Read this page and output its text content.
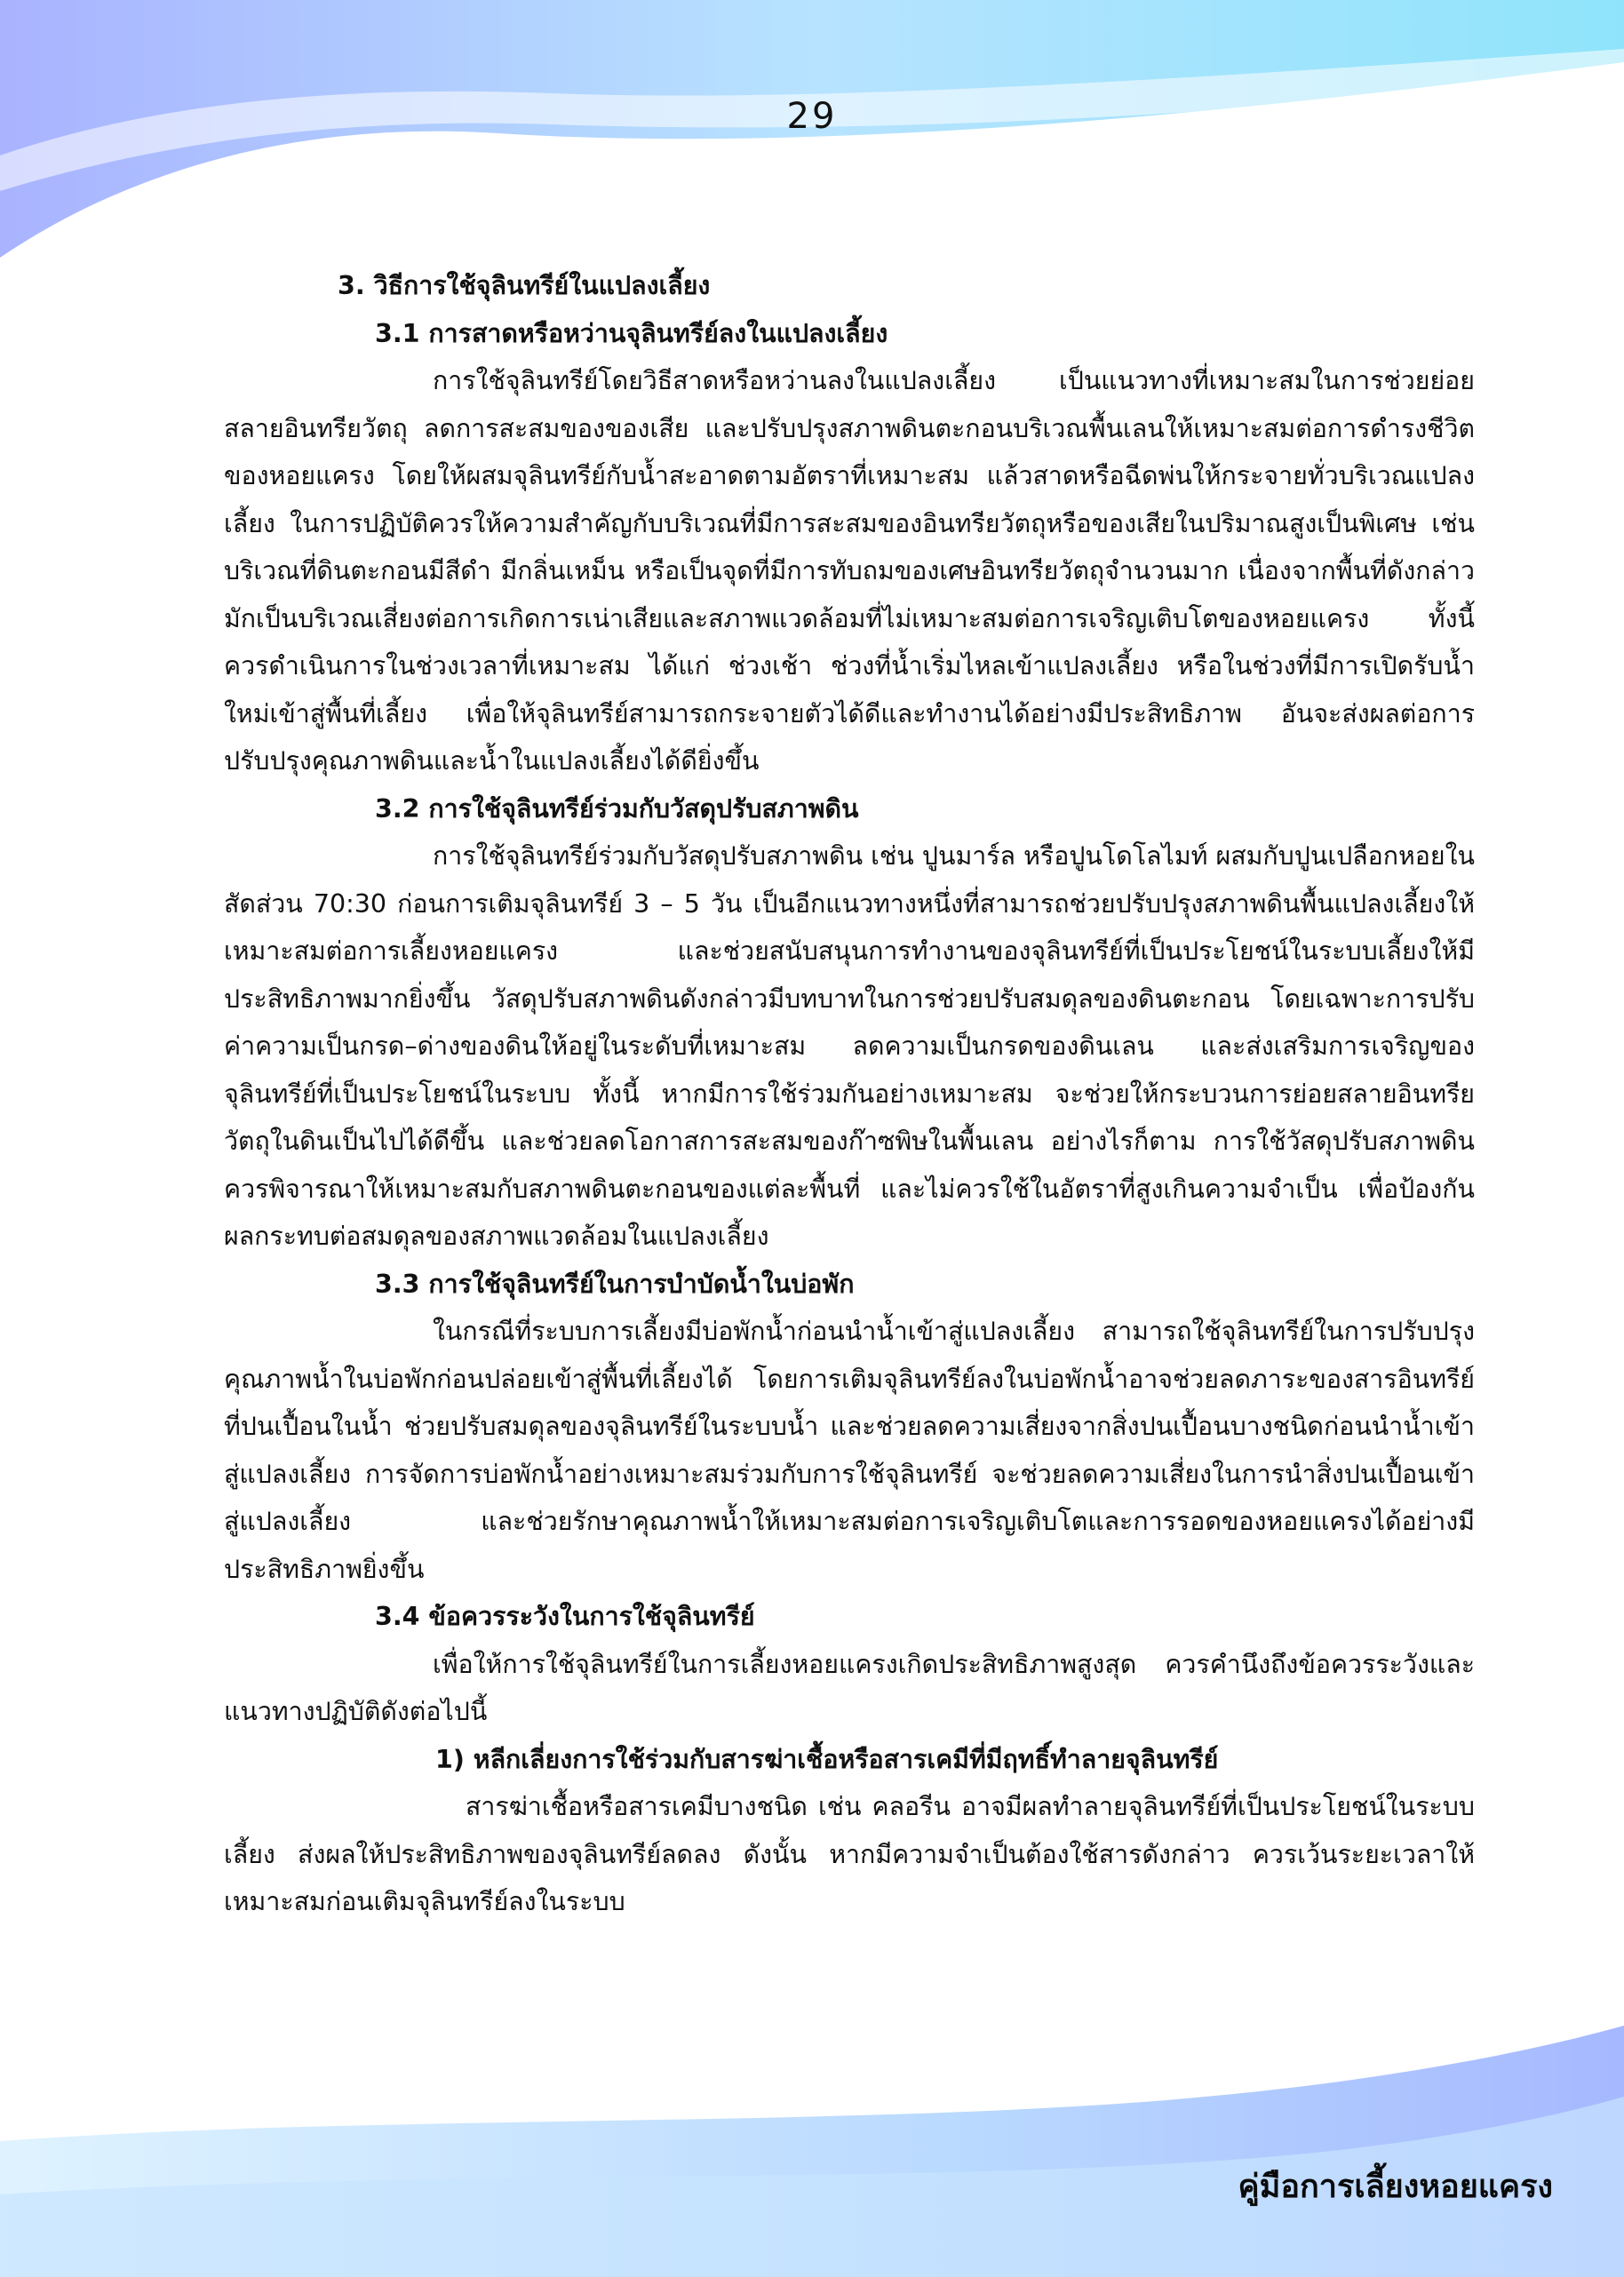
29

3. วิธีการใช้จุลินทรีย์ในแปลงเลี้ยง

3.1 การสาดหรือหว่านจุลินทรีย์ลงในแปลงเลี้ยง

การใช้จุลินทรีย์โดยวิธีสาดหรือหว่านลงในแปลงเลี้ยง เป็นแนวทางที่เหมาะสมในการช่วยย่อยสลายอินทรียวัตถุ ลดการสะสมของของเสีย และปรับปรุงสภาพดินตะกอนบริเวณพื้นเลนให้เหมาะสมต่อการดำรงชีวิตของหอยแครง โดยให้ผสมจุลินทรีย์กับน้ำสะอาดตามอัตราที่เหมาะสม แล้วสาดหรือฉีดพ่นให้กระจายทั่วบริเวณแปลงเลี้ยง ในการปฏิบัติควรให้ความสำคัญกับบริเวณที่มีการสะสมของอินทรียวัตถุหรือของเสียในปริมาณสูงเป็นพิเศษ เช่น บริเวณที่ดินตะกอนมีสีดำ มีกลิ่นเหม็น หรือเป็นจุดที่มีการทับถมของเศษอินทรียวัตถุจำนวนมาก เนื่องจากพื้นที่ดังกล่าวมักเป็นบริเวณเสี่ยงต่อการเกิดการเน่าเสียและสภาพแวดล้อมที่ไม่เหมาะสมต่อการเจริญเติบโตของหอยแครง ทั้งนี้ ควรดำเนินการในช่วงเวลาที่เหมาะสม ได้แก่ ช่วงเช้า ช่วงที่น้ำเริ่มไหลเข้าแปลงเลี้ยง หรือในช่วงที่มีการเปิดรับน้ำใหม่เข้าสู่พื้นที่เลี้ยง เพื่อให้จุลินทรีย์สามารถกระจายตัวได้ดีและทำงานได้อย่างมีประสิทธิภาพ อันจะส่งผลต่อการปรับปรุงคุณภาพดินและน้ำในแปลงเลี้ยงได้ดียิ่งขึ้น

3.2 การใช้จุลินทรีย์ร่วมกับวัสดุปรับสภาพดิน

การใช้จุลินทรีย์ร่วมกับวัสดุปรับสภาพดิน เช่น ปูนมาร์ล หรือปูนโดโลไมท์ ผสมกับปูนเปลือกหอยในสัดส่วน 70:30 ก่อนการเติมจุลินทรีย์ 3 – 5 วัน เป็นอีกแนวทางหนึ่งที่สามารถช่วยปรับปรุงสภาพดินพื้นแปลงเลี้ยงให้เหมาะสมต่อการเลี้ยงหอยแครง และช่วยสนับสนุนการทำงานของจุลินทรีย์ที่เป็นประโยชน์ในระบบเลี้ยงให้มีประสิทธิภาพมากยิ่งขึ้น วัสดุปรับสภาพดินดังกล่าวมีบทบาทในการช่วยปรับสมดุลของดินตะกอน โดยเฉพาะการปรับค่าความเป็นกรด–ด่างของดินให้อยู่ในระดับที่เหมาะสม ลดความเป็นกรดของดินเลน และส่งเสริมการเจริญของจุลินทรีย์ที่เป็นประโยชน์ในระบบ ทั้งนี้ หากมีการใช้ร่วมกันอย่างเหมาะสม จะช่วยให้กระบวนการย่อยสลายอินทรียวัตถุในดินเป็นไปได้ดีขึ้น และช่วยลดโอกาสการสะสมของก๊าซพิษในพื้นเลน อย่างไรก็ตาม การใช้วัสดุปรับสภาพดินควรพิจารณาให้เหมาะสมกับสภาพดินตะกอนของแต่ละพื้นที่ และไม่ควรใช้ในอัตราที่สูงเกินความจำเป็น เพื่อป้องกันผลกระทบต่อสมดุลของสภาพแวดล้อมในแปลงเลี้ยง

3.3 การใช้จุลินทรีย์ในการบำบัดน้ำในบ่อพัก

ในกรณีที่ระบบการเลี้ยงมีบ่อพักน้ำก่อนนำน้ำเข้าสู่แปลงเลี้ยง สามารถใช้จุลินทรีย์ในการปรับปรุงคุณภาพน้ำในบ่อพักก่อนปล่อยเข้าสู่พื้นที่เลี้ยงได้ โดยการเติมจุลินทรีย์ลงในบ่อพักน้ำอาจช่วยลดภาระของสารอินทรีย์ที่ปนเปื้อนในน้ำ ช่วยปรับสมดุลของจุลินทรีย์ในระบบน้ำ และช่วยลดความเสี่ยงจากสิ่งปนเปื้อนบางชนิดก่อนนำน้ำเข้าสู่แปลงเลี้ยง การจัดการบ่อพักน้ำอย่างเหมาะสมร่วมกับการใช้จุลินทรีย์ จะช่วยลดความเสี่ยงในการนำสิ่งปนเปื้อนเข้าสู่แปลงเลี้ยง และช่วยรักษาคุณภาพน้ำให้เหมาะสมต่อการเจริญเติบโตและการรอดของหอยแครงได้อย่างมีประสิทธิภาพยิ่งขึ้น

3.4 ข้อควรระวังในการใช้จุลินทรีย์

เพื่อให้การใช้จุลินทรีย์ในการเลี้ยงหอยแครงเกิดประสิทธิภาพสูงสุด ควรคำนึงถึงข้อควรระวังและแนวทางปฏิบัติดังต่อไปนี้

1) หลีกเลี่ยงการใช้ร่วมกับสารฆ่าเชื้อหรือสารเคมีที่มีฤทธิ์ทำลายจุลินทรีย์

สารฆ่าเชื้อหรือสารเคมีบางชนิด เช่น คลอรีน อาจมีผลทำลายจุลินทรีย์ที่เป็นประโยชน์ในระบบเลี้ยง ส่งผลให้ประสิทธิภาพของจุลินทรีย์ลดลง ดังนั้น หากมีความจำเป็นต้องใช้สารดังกล่าว ควรเว้นระยะเวลาให้เหมาะสมก่อนเติมจุลินทรีย์ลงในระบบ

คู่มือการเลี้ยงหอยแครง
